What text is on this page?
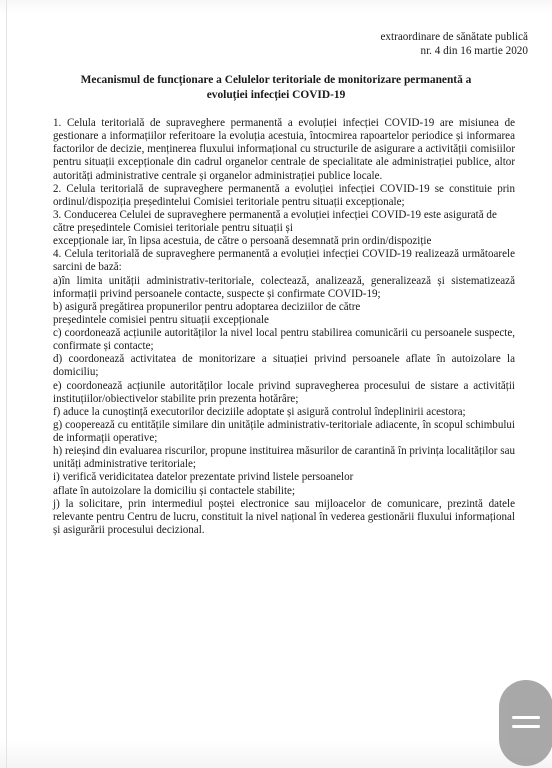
extraordinare de sănătate publică
nr. 4 din 16 martie 2020
Mecanismul de funcționare a Celulelor teritoriale de monitorizare permanentă a
evoluției infecției COVID-19

1. Celula teritorială de supraveghere permanentă a evoluției infecției COVID-19 are misiunea de gestionare a informațiilor referitoare la evoluția acestuia, întocmirea rapoartelor periodice și informarea factorilor de decizie, menținerea fluxului informațional cu structurile de asigurare a activității comisiilor pentru situații excepționale din cadrul organelor centrale de specialitate ale administrației publice, altor autorități administrative centrale și organelor administrației publice locale.

2. Celula teritorială de supraveghere permanentă a evoluției infecției COVID-19 se constituie prin ordinul/dispoziția președintelui Comisiei teritoriale pentru situații excepționale;

3. Conducerea Celulei de supraveghere permanentă a evoluției infecției COVID-19 este asigurată de către președintele Comisiei teritoriale pentru situații și

excepționale iar, în lipsa acestuia, de către o persoană desemnată prin ordin/dispoziție

4. Celula teritorială de supraveghere permanentă a evoluției infecției COVID-19 realizează următoarele sarcini de bază:

a)în limita unității administrativ-teritoriale, colectează, analizează, generalizează și sistematizează informații privind persoanele contacte, suspecte și confirmate COVID-19;

b) asigură pregătirea propunerilor pentru adoptarea deciziilor de către

președintele comisiei pentru situații excepționale

c) coordonează acțiunile autorităților la nivel local pentru stabilirea comunicării cu persoanele suspecte, confirmate și contacte;

d) coordonează activitatea de monitorizare a situației privind persoanele aflate în autoizolare la domiciliu;

e) coordonează acțiunile autorităților locale privind supravegherea procesului de sistare a activității instituțiilor/obiectivelor stabilite prin prezenta hotărâre;

f) aduce la cunoștință executorilor deciziile adoptate și asigură controlul îndeplinirii acestora;

g) cooperează cu entitățile similare din unitățile administrativ-teritoriale adiacente, în scopul schimbului de informații operative;

h) reieșind din evaluarea riscurilor, propune instituirea măsurilor de carantină în privința localităților sau unități administrative teritoriale;

i) verifică veridicitatea datelor prezentate privind listele persoanelor

aflate în autoizolare la domiciliu și contactele stabilite;

j) la solicitare, prin intermediul poștei electronice sau mijloacelor de comunicare, prezintă datele relevante pentru Centru de lucru, constituit la nivel național în vederea gestionării fluxului informațional și asigurării procesului decizional.
